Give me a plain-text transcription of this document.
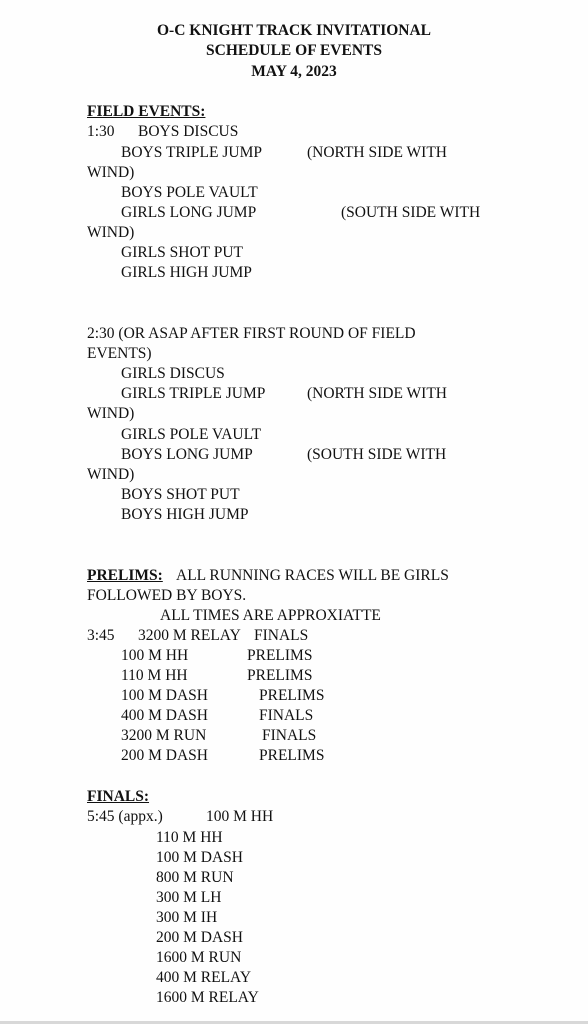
O-C KNIGHT TRACK INVITATIONAL
SCHEDULE OF EVENTS
MAY 4, 2023
FIELD EVENTS:
1:30 BOYS DISCUS
BOYS TRIPLE JUMP	(NORTH SIDE WITH
WIND)
BOYS POLE VAULT
GIRLS LONG JUMP	(SOUTH SIDE WITH
WIND)
GIRLS SHOT PUT
GIRLS HIGH JUMP
2:30 (OR ASAP AFTER FIRST ROUND OF FIELD
EVENTS)
GIRLS DISCUS
GIRLS TRIPLE JUMP	(NORTH SIDE WITH
WIND)
GIRLS POLE VAULT
BOYS LONG JUMP	(SOUTH SIDE WITH
WIND)
BOYS SHOT PUT
BOYS HIGH JUMP
PRELIMS: ALL RUNNING RACES WILL BE GIRLS
FOLLOWED BY BOYS.
ALL TIMES ARE APPROXIATTE
3:45 3200 M RELAY FINALS
100 M HH	PRELIMS
110 M HH	PRELIMS
100 M DASH	PRELIMS
400 M DASH	FINALS
3200 M RUN	FINALS
200 M DASH	PRELIMS
FINALS:
5:45 (appx.)	100 M HH
110 M HH
100 M DASH
800 M RUN
300 M LH
300 M IH
200 M DASH
1600 M RUN
400 M RELAY
1600 M RELAY
